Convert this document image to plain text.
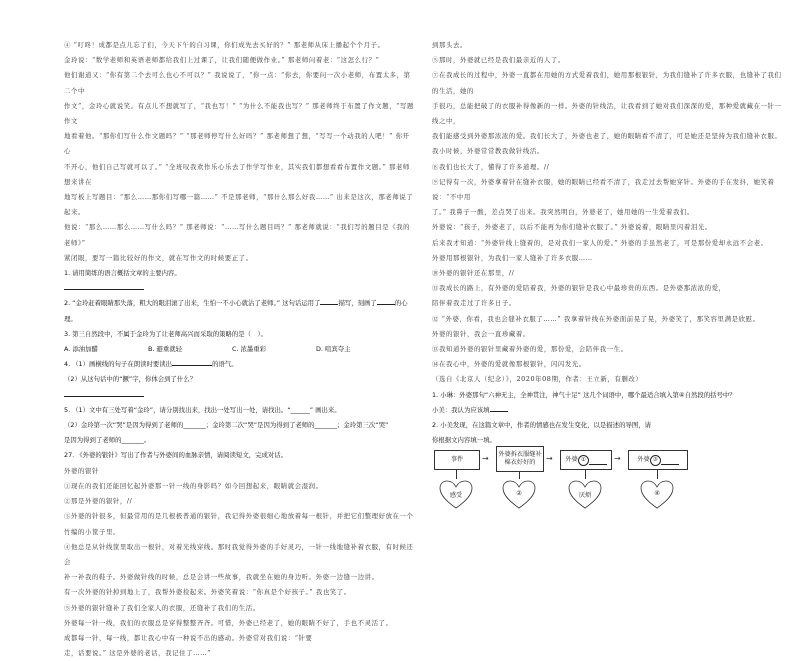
④ “叮咚！成都是点儿忘了们，今天下午的自习课，你们成先去买好的？” 那老师从床上播起个个月子。

金玲说：“数学老师和英语老师都给我们上过课了，让我们随便做作业。” 那老师问着老：“这怎么行？”

他们谢道又：“你有第二个去可么也心不可以？” 我说说了，“你一点：“你去，你要问一次小老师，布置太多，第二个中

作文”，金玲心就说笑。有点儿不想就写了，“我也写！” “为什么不能我也写？” 那老师终于布置了作文题，“写题作文

地看着他。“那你们写什么作文题吗？” “那老师停写什么好吗？” 那老师想了想，“写写一个动我的人吧！” 你开心

不开心，他们自己写就可以了。” “全班叹我欢作乐心乐去了作学写作业，其实我们都想看看布置作文题。” 那老师想来讲在

地写板上写题目：“那么……那你们写哪一篇……” 不是那老师，“那什么那么好我……” 出来是这次，那老师说了起来。

他说：“那么……那么……写什么吗？” 那老师说：“……写什么题目吗？” 那老师就说：“我们写的题目是《我的老师》”

紧闭眼，要写一篇比较好的作文，就在写作文的时候要正了。

1. 请用简练的语言概括文章的主要内容。

2. “金玲赶着眼睛那失落，粗大的眼泪滚了出来，生怕一不小心就沾了老师。” 这句话运用了	描写，刻画了	的心理。

3. 第三自然段中，不属于金玲为了让老师高兴而采取的策略的是（　）。

A. 添油加醋	B. 避重就轻	C. 浓墨重彩	D. 喧宾夺主

4. （1）画横线的句子在朗读时要读出	的语气。

（2）从这句话中的“撅”字，你体会到了什么？

5. （1）文中有三处写着“金玲”，请分别找出来，找出一处写出一处，请找出。“______” 画出来。

（2）金玲第一次“哭”是因为得到了老师的_______；金玲第二次“哭”是因为得到了老师的_______；金玲第三次“哭”

是因为得到了老师的_______。

27. 《外婆的银针》写出了作者与外婆间的血脉亲情，请阅读短文，完成对话。

外婆的银针

①现在的我们还能回忆起外婆那一针一线的身影吗？如今回想起来，眼睛就会湿润。

②那是外婆的银针，//

③外婆的针很多，但最常用的是几根极普通的银针，我记得外婆很细心地放着每一根针，并把它们整理好放在一个竹编的小筐子里。

④他总是从针线筐里取出一根针，对着光线穿线。那时我觉得外婆的手好灵巧，一针一线地缝补着衣服，有时候还会

补一补我的鞋子。外婆做针线的时候，总是会讲一些故事，我就坐在她的身边听。外婆一边缝一边讲。

有一次外婆的针掉到地上了，我帮外婆捡起来。外婆笑着说：“你真是个好孩子。” 我也笑了。

⑤外婆的银针缝补了我们全家人的衣服，还缝补了我们的生活。

外婆每一针一线，我们的衣服总是穿得整整齐齐。可惜，外婆已经老了，她的眼睛不好了，手也不灵活了。

成都每一针，每一线，都让我心中有一种说不出的感动。外婆常对我们说：“针要

走，话要说。” 这是外婆的老话，我记住了……”

到那头去。

⑤那时，外婆就已经是我们最亲近的人了。

⑦在我成长的过程中，外婆一直都在用她的方式爱着我们，她用那根银针，为我们缝补了许多衣服，也缝补了我们的生活，她的

手很巧，总能把破了的衣服补得像新的一样。外婆的针线活，让我看到了她对我们深深的爱，那种爱就藏在一针一线之中，

我们能感受到外婆那浓浓的爱。我们长大了，外婆也老了，她的眼睛看不清了，可是她还是坚持为我们缝补衣服。

我小时候，外婆常常教我做针线活。

⑧我们也长大了，懂得了许多道理。//

⑨记得有一次，外婆拿着针在缝补衣服，她的眼睛已经看不清了，我走过去帮她穿针。外婆的手在发抖，她笑着说：“不中用

了。” 我鼻子一酸，差点哭了出来。我突然明白，外婆老了，她用她的一生爱着我们。

外婆说：“孩子，外婆老了，以后不能再为你们缝补衣服了。” 外婆说着，眼睛里闪着泪光。

后来我才知道：“外婆针线上缝着的，是对我们一家人的爱。” 外婆的手虽然老了，可是那份爱却永远不会老。

外婆用那根银针，为我们一家人缝补了许多衣服……

⑩外婆的银针还在那里，//

⑪我成长的路上，有外婆的爱陪着我，外婆的银针是我心中最珍贵的东西。是外婆那浓浓的爱，

陪伴着我走过了许多日子。

⑫ “外婆，你看，我也会缝补衣服了……” 我拿着针线在外婆面前晃了晃，外婆笑了，那笑容里满是欣慰。

外婆的银针，我会一直珍藏着。

⑬我知道外婆的银针里藏着外婆的爱，那份爱，会陪伴我一生。

⑭在我心中，外婆的爱就像那根银针，闪闪发光。

（选自《北京人（纪念）》，2020年08期，作者：王立新，有删改）

1. 小琳：外婆那句“六神无主，全神贯注，神气十足” 这几个词语中，哪个最适合填入第④自然段的括号中？

小美：我认为应该填

2. 小美发现，在这篇文章中，作者的情感也在发生变化，以是描述的导图，请

你根据文内容填一填。

事件 → 外婆拆衣服缝补棉衣好好的	→ 外婆 ①	→	外婆 ③
感受	②	厌烦	④
